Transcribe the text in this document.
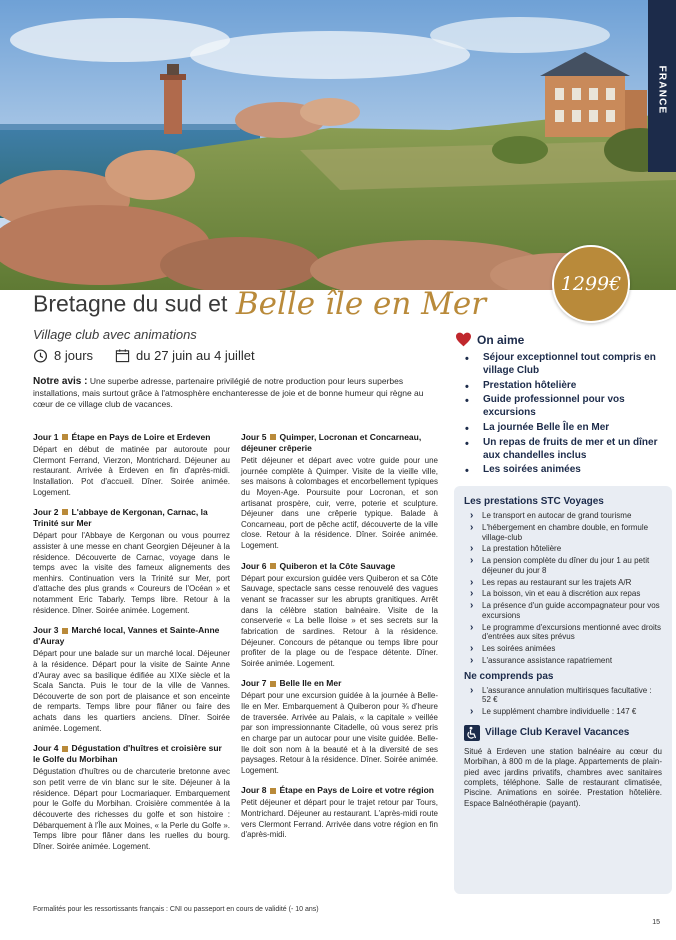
FRANCE
1299€
Bretagne du sud et Belle île en Mer
Village club avec animations
8 jours	du 27 juin au 4 juillet
Notre avis : Une superbe adresse, partenaire privilégié de notre production pour leurs superbes installations, mais surtout grâce à l'atmosphère enchanteresse de joie et de bonne humeur qui règne au cœur de ce village club de vacances.
Jour 1 Étape en Pays de Loire et Erdeven
Départ en début de matinée par autoroute pour Clermont Ferrand, Vierzon, Montrichard. Déjeuner au restaurant. Arrivée à Erdeven en fin d'après-midi. Installation. Pot d'accueil. Dîner. Soirée animée. Logement.
Jour 2 L'abbaye de Kergonan, Carnac, la Trinité sur Mer
Départ pour l'Abbaye de Kergonan ou vous pourrez assister à une messe en chant Georgien Déjeuner à la résidence. Découverte de Carnac, voyage dans le temps avec la visite des fameux alignements des menhirs. Continuation vers la Trinité sur Mer, port d'attache des plus grands « Coureurs de l'Océan » et notamment Eric Tabarly. Temps libre. Retour à la résidence. Dîner. Soirée animée. Logement.
Jour 3 Marché local, Vannes et Sainte-Anne d'Auray
Départ pour une balade sur un marché local. Déjeuner à la résidence. Départ pour la visite de Sainte Anne d'Auray avec sa basilique édifiée au XIXe siècle et la Scala Sancta. Puis le tour de la ville de Vannes. Découverte de son port de plaisance et son enceinte de remparts. Temps libre pour flâner ou faire des achats dans les quartiers anciens. Dîner. Soirée animée. Logement.
Jour 4 Dégustation d'huîtres et croisière sur le Golfe du Morbihan
Dégustation d'huîtres ou de charcuterie bretonne avec son petit verre de vin blanc sur le site. Déjeuner à la résidence. Départ pour Locmariaquer. Embarquement pour le Golfe du Morbihan. Croisière commentée à la découverte des richesses du golfe et son histoire : Débarquement à l'Île aux Moines, « la Perle du Golfe ». Temps libre pour flâner dans les ruelles du bourg. Dîner. Soirée animée. Logement.
Jour 5 Quimper, Locronan et Concarneau, déjeuner crêperie
Petit déjeuner et départ avec votre guide pour une journée complète à Quimper. Visite de la vieille ville, ses maisons à colombages et encorbellement typiques du Moyen-Age. Poursuite pour Locronan, et son artisanat prospère, cuir, verre, poterie et sculpture. Déjeuner dans une crêperie typique. Balade à Concarneau, port de pêche actif, découverte de la ville close. Retour à la résidence. Dîner. Soirée animée. Logement.
Jour 6 Quiberon et la Côte Sauvage
Départ pour excursion guidée vers Quiberon et sa Côte Sauvage, spectacle sans cesse renouvelé des vagues venant se fracasser sur les abrupts granitiques. Arrêt dans la célèbre station balnéaire. Visite de la conserverie « La belle Iloise » et ses secrets sur la fabrication de sardines. Retour à la résidence. Déjeuner. Concours de pétanque ou temps libre pour profiter de la plage ou de l'espace détente. Dîner. Soirée animée. Logement.
Jour 7 Belle Ile en Mer
Départ pour une excursion guidée à la journée à Belle-Ile en Mer. Embarquement à Quiberon pour ¾ d'heure de traversée. Arrivée au Palais, « la capitale » veillée par son impressionnante Citadelle, où vous serez pris en charge par un autocar pour une visite guidée. Belle-Ile doit son nom à la beauté et à la diversité de ses paysages. Retour à la résidence. Dîner. Soirée animée. Logement.
Jour 8 Étape en Pays de Loire et votre région
Petit déjeuner et départ pour le trajet retour par Tours, Montrichard. Déjeuner au restaurant. L'après-midi route vers Clermont Ferrand. Arrivée dans votre région en fin d'après-midi.
Formalités pour les ressortissants français : CNI ou passeport en cours de validité (- 10 ans)
15
On aime
• Séjour exceptionnel tout compris en village Club
• Prestation hôtelière
• Guide professionnel pour vos excursions
• La journée Belle Île en Mer
• Un repas de fruits de mer et un dîner aux chandelles inclus
• Les soirées animées
Les prestations STC Voyages
› Le transport en autocar de grand tourisme
› L'hébergement en chambre double, en formule village-club
› La prestation hôtelière
› La pension complète du dîner du jour 1 au petit déjeuner du jour 8
› Les repas au restaurant sur les trajets A/R
› La boisson, vin et eau à discrétion aux repas
› La présence d'un guide accompagnateur pour vos excursions
› Le programme d'excursions mentionné avec droits d'entrées aux sites prévus
› Les soirées animées
› L'assurance assistance rapatriement
Ne comprends pas
› L'assurance annulation multirisques facultative : 52 €
› Le supplément chambre individuelle : 147 €
Village Club Keravel Vacances
Situé à Erdeven une station balnéaire au cœur du Morbihan, à 800 m de la plage. Appartements de plain-pied avec jardins privatifs, chambres avec sanitaires complets, téléphone. Salle de restaurant climatisée, Piscine. Animations en soirée. Prestation hôtelière. Espace Balnéothérapie (payant).
